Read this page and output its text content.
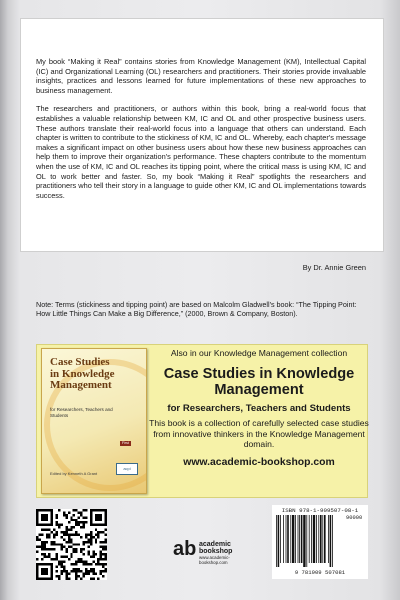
My book “Making it Real” contains stories from Knowledge Management (KM), Intellectual Capital (IC) and Organizational Learning (OL) researchers and practitioners. Their stories provide invaluable insights, practices and lessons learned for future implementations of these new approaches to business management.

The researchers and practitioners, or authors within this book, bring a real-world focus that establishes a valuable relationship between KM, IC and OL and other prospective business users. These authors translate their real-world focus into a language that others can understand. Each chapter is written to contribute to the stickiness of KM, IC and OL. Whereby, each chapter's message makes a significant impact on other business users about how these new business approaches can help them to improve their organization's performance. These chapters contribute to the momentum when the use of KM, IC and OL reaches its tipping point, where the critical mass is using KM, IC and OL to work better and faster. So, my book “Making it Real” spotlights the researchers and practitioners who tell their story in a language to guide other KM, IC and OL implementations towards success.

By Dr. Annie Green
Note: Terms (stickiness and tipping point) are based on Malcolm Gladwell's book: “The Tipping Point: How Little Things Can Make a Big Difference,” (2000, Brown & Company, Boston).
Also in our Knowledge Management collection
Case Studies in Knowledge Management
for Researchers, Teachers and Students
First
acpi
Edited by Kenneth A Grant
Case Studies in Knowledge Management
for Researchers, Teachers and Students
This book is a collection of carefully selected case studies from innovative thinkers in the Knowledge Management domain.
www.academic-bookshop.com
ab academic
bookshop
www.academic-bookshop.com
ISBN 978-1-909507-08-1
90000
9 781909 507081
